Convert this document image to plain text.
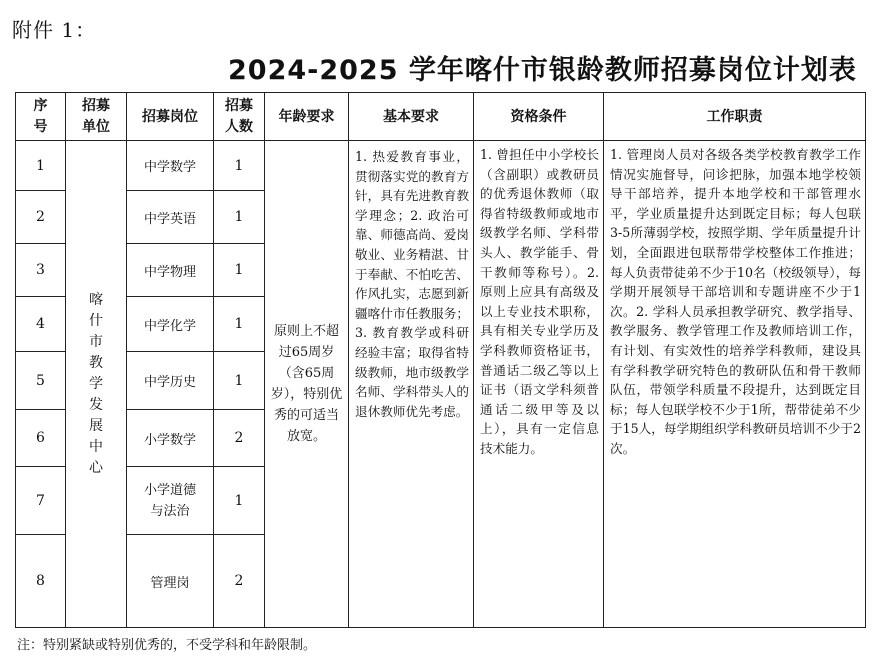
附件 1：
2024-2025 学年喀什市银龄教师招募岗位计划表
序号	招募单位	招募岗位	招募人数	年龄要求	基本要求	资格条件	工作职责
1	喀什市教学发展中心	中学数学	1	原则上不超过65周岁（含65周岁），特别优秀的可适当放宽。	1. 热爱教育事业，贯彻落实党的教育方针，具有先进教育教学理念；2. 政治可靠、师德高尚、爱岗敬业、业务精湛、甘于奉献、不怕吃苦、作风扎实，志愿到新疆喀什市任教服务；3. 教育教学或科研经验丰富；取得省特级教师，地市级教学名师、学科带头人的退休教师优先考虑。	1. 曾担任中小学校长（含副职）或教研员的优秀退休教师（取得省特级教师或地市级教学名师、学科带头人、教学能手、骨干教师等称号）。2. 原则上应具有高级及以上专业技术职称，具有相关专业学历及学科教师资格证书，普通话二级乙等以上证书（语文学科须普通话二级甲等及以上），具有一定信息技术能力。	1. 管理岗人员对各级各类学校教育教学工作情况实施督导，问诊把脉，加强本地学校领导干部培养，提升本地学校和干部管理水平，学业质量提升达到既定目标；每人包联3-5所薄弱学校，按照学期、学年质量提升计划，全面跟进包联帮带学校整体工作推进；每人负责带徒弟不少于10名（校级领导），每学期开展领导干部培训和专题讲座不少于1次。2. 学科人员承担教学研究、教学指导、教学服务、教学管理工作及教师培训工作，有计划、有实效性的培养学科教师，建设具有学科教学研究特色的教研队伍和骨干教师队伍，带领学科质量不段提升，达到既定目标；每人包联学校不少于1所，帮带徒弟不少于15人，每学期组织学科教研员培训不少于2次。

2		中学英语	1				
3		中学物理	1				
4		中学化学	1				
5		中学历史	1				
6		小学数学	2				
7		小学道德与法治	1				
8		管理岗	2				
注：特别紧缺或特别优秀的，不受学科和年龄限制。
